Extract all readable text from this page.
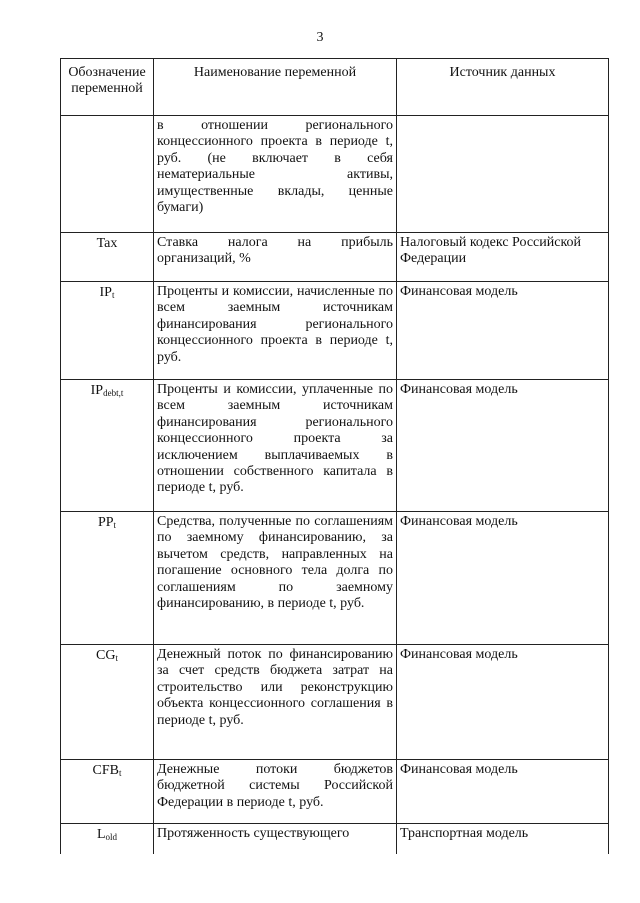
3
Обозначение переменной	Наименование переменной	Источник данных
	в отношении регионального концессионного проекта в периоде t, руб. (не включает в себя нематериальные активы, имущественные вклады, ценные бумаги)	
Tax	Ставка налога на прибыль организаций, %	Налоговый кодекс Российской Федерации
$IP_t$	Проценты и комиссии, начисленные по всем заемным источникам финансирования регионального концессионного проекта в периоде t, руб.	Финансовая модель
$IP_{debt,t}$	Проценты и комиссии, уплаченные по всем заемным источникам финансирования регионального концессионного проекта за исключением выплачиваемых в отношении собственного капитала в периоде t, руб.	Финансовая модель
$PP_t$	Средства, полученные по соглашениям по заемному финансированию, за вычетом средств, направленных на погашение основного тела долга по соглашениям по заемному финансированию, в периоде t, руб.	Финансовая модель
$CG_t$	Денежный поток по финансированию за счет средств бюджета затрат на строительство или реконструкцию объекта концессионного соглашения в периоде t, руб.	Финансовая модель
$CFB_t$	Денежные потоки бюджетов бюджетной системы Российской Федерации в периоде t, руб.	Финансовая модель
$L_{old}$	Протяженность существующего	Транспортная модель
